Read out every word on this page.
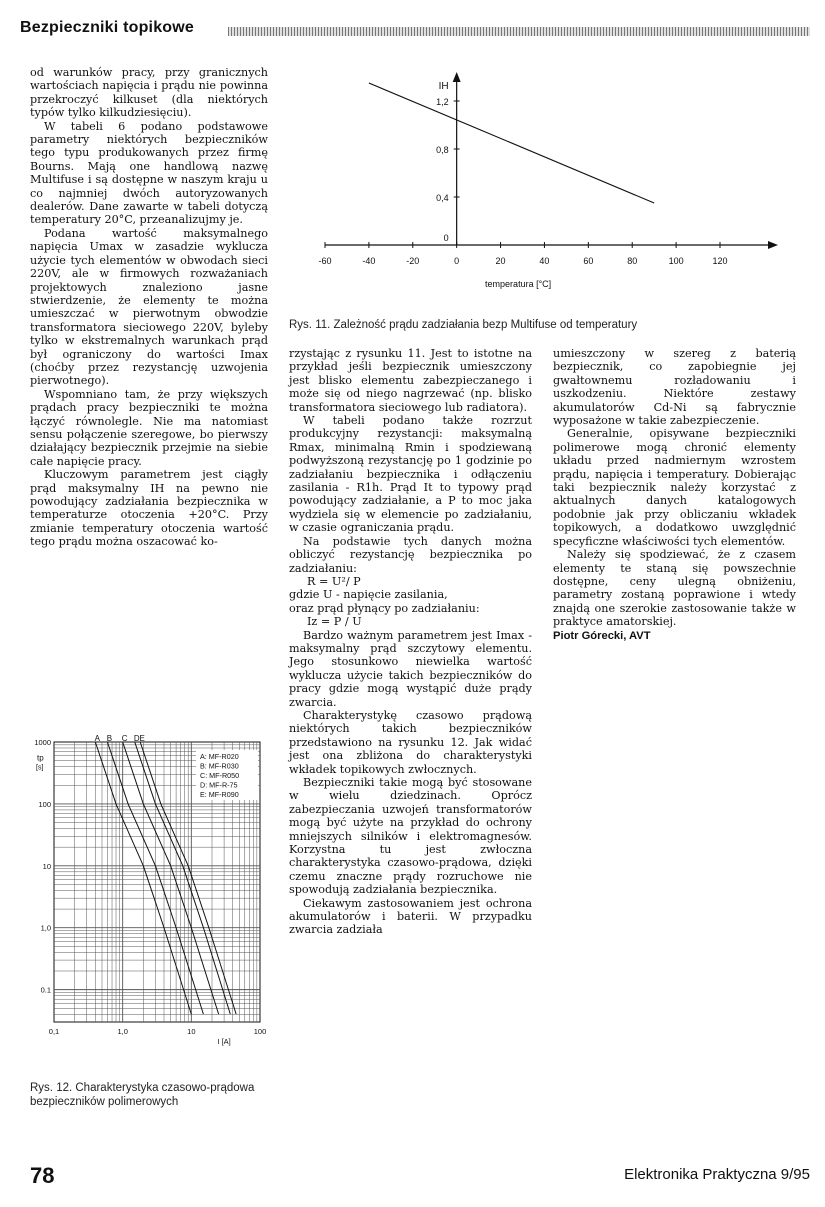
Bezpieczniki topikowe

od warunków pracy, przy granicznych wartościach napięcia i prądu nie powinna przekroczyć kilkuset (dla niektórych typów tylko kilkudziesięciu).

W tabeli 6 podano podstawowe parametry niektórych bezpieczników tego typu produkowanych przez firmę Bourns. Mają one handlową nazwę Multifuse i są dostępne w naszym kraju u co najmniej dwóch autoryzowanych dealerów. Dane zawarte w tabeli dotyczą temperatury 20°C, przeanalizujmy je.

Podana wartość maksymalnego napięcia Umax w zasadzie wyklucza użycie tych elementów w obwodach sieci 220V, ale w firmowych rozważaniach projektowych znaleziono jasne stwierdzenie, że elementy te można umieszczać w pierwotnym obwodzie transformatora sieciowego 220V, byleby tylko w ekstremalnych warunkach prąd był ograniczony do wartości Imax (choćby przez rezystancję uzwojenia pierwotnego).

Wspomniano tam, że przy większych prądach pracy bezpieczniki te można łączyć równolegle. Nie ma natomiast sensu połączenie szeregowe, bo pierwszy działający bezpiecznik przejmie na siebie całe napięcie pracy.

Kluczowym parametrem jest ciągły prąd maksymalny IH na pewno nie powodujący zadziałania bezpiecznika w temperaturze otoczenia +20°C. Przy zmianie temperatury otoczenia wartość tego prądu można oszacować ko-

-60	-40	-20	0	20	40	60	80	100	120
0
0,4
0,8
1,2
IH
temperatura [°C]
Rys. 11. Zależność prądu zadziałania bezp Multifuse od temperatury
A: MF-R020
B: MF-R030
C: MF-R050
D: MF-R-75
E: MF-R090
A B C D E
0,1	1,0	10	100
0.1
1,0
10
100
1000
tp
[s]
I [A]
Rys. 12. Charakterystyka czasowo-prądowa bezpieczników polimerowych

rzystając z rysunku 11. Jest to istotne na przykład jeśli bezpiecznik umieszczony jest blisko elementu zabezpieczanego i może się od niego nagrzewać (np. blisko transformatora sieciowego lub radiatora).

W tabeli podano także rozrzut produkcyjny rezystancji: maksymalną Rmax, minimalną Rmin i spodziewaną podwyższoną rezystancję po 1 godzinie po zadziałaniu bezpiecznika i odłączeniu zasilania - R1h. Prąd It to typowy prąd powodujący zadziałanie, a P to moc jaka wydziela się w elemencie po zadziałaniu, w czasie ograniczania prądu.

Na podstawie tych danych można obliczyć rezystancję bezpiecznika po zadziałaniu:

R = U²/ P

gdzie U - napięcie zasilania,

oraz prąd płynący po zadziałaniu:

Iz = P / U

Bardzo ważnym parametrem jest Imax - maksymalny prąd szczytowy elementu. Jego stosunkowo niewielka wartość wyklucza użycie takich bezpieczników do pracy gdzie mogą wystąpić duże prądy zwarcia.

Charakterystykę czasowo prądową niektórych takich bezpieczników przedstawiono na rysunku 12. Jak widać jest ona zbliżona do charakterystyki wkładek topikowych zwłocznych.

Bezpieczniki takie mogą być stosowane w wielu dziedzinach. Oprócz zabezpieczania uzwojeń transformatorów mogą być użyte na przykład do ochrony mniejszych silników i elektromagnesów. Korzystna tu jest zwłoczna charakterystyka czasowo-prądowa, dzięki czemu znaczne prądy rozruchowe nie spowodują zadziałania bezpiecznika.

Ciekawym zastosowaniem jest ochrona akumulatorów i baterii. W przypadku zwarcia zadziała

umieszczony w szereg z baterią bezpiecznik, co zapobiegnie jej gwałtownemu rozładowaniu i uszkodzeniu. Niektóre zestawy akumulatorów Cd-Ni są fabrycznie wyposażone w takie zabezpieczenie.

Generalnie, opisywane bezpieczniki polimerowe mogą chronić elementy układu przed nadmiernym wzrostem prądu, napięcia i temperatury. Dobierając taki bezpiecznik należy korzystać z aktualnych danych katalogowych podobnie jak przy obliczaniu wkładek topikowych, a dodatkowo uwzględnić specyficzne właściwości tych elementów.

Należy się spodziewać, że z czasem elementy te staną się powszechnie dostępne, ceny ulegną obniżeniu, parametry zostaną poprawione i wtedy znajdą one szerokie zastosowanie także w praktyce amatorskiej.

Piotr Górecki, AVT

78	Elektronika Praktyczna 9/95
